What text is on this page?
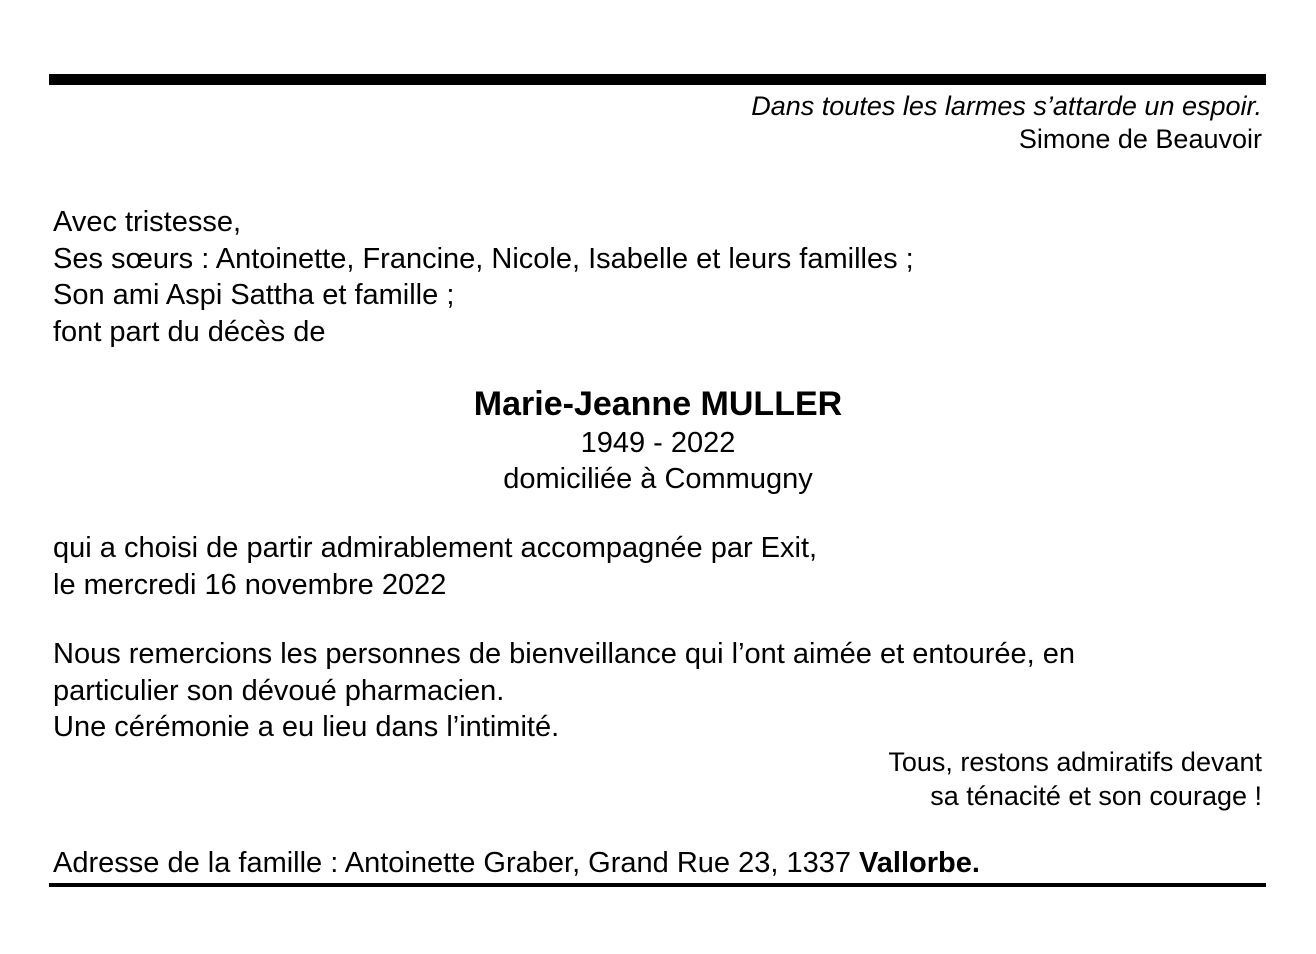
Dans toutes les larmes s’attarde un espoir.
Simone de Beauvoir
Avec tristesse,
Ses sœurs : Antoinette, Francine, Nicole, Isabelle et leurs familles ;
Son ami Aspi Sattha et famille ;
font part du décès de
Marie-Jeanne MULLER
1949 - 2022
domiciliée à Commugny
qui a choisi de partir admirablement accompagnée par Exit,
le mercredi 16 novembre 2022
Nous remercions les personnes de bienveillance qui l’ont aimée et entourée, en
particulier son dévoué pharmacien.
Une cérémonie a eu lieu dans l’intimité.
Tous, restons admiratifs devant
sa ténacité et son courage !
Adresse de la famille : Antoinette Graber, Grand Rue 23, 1337 Vallorbe.
